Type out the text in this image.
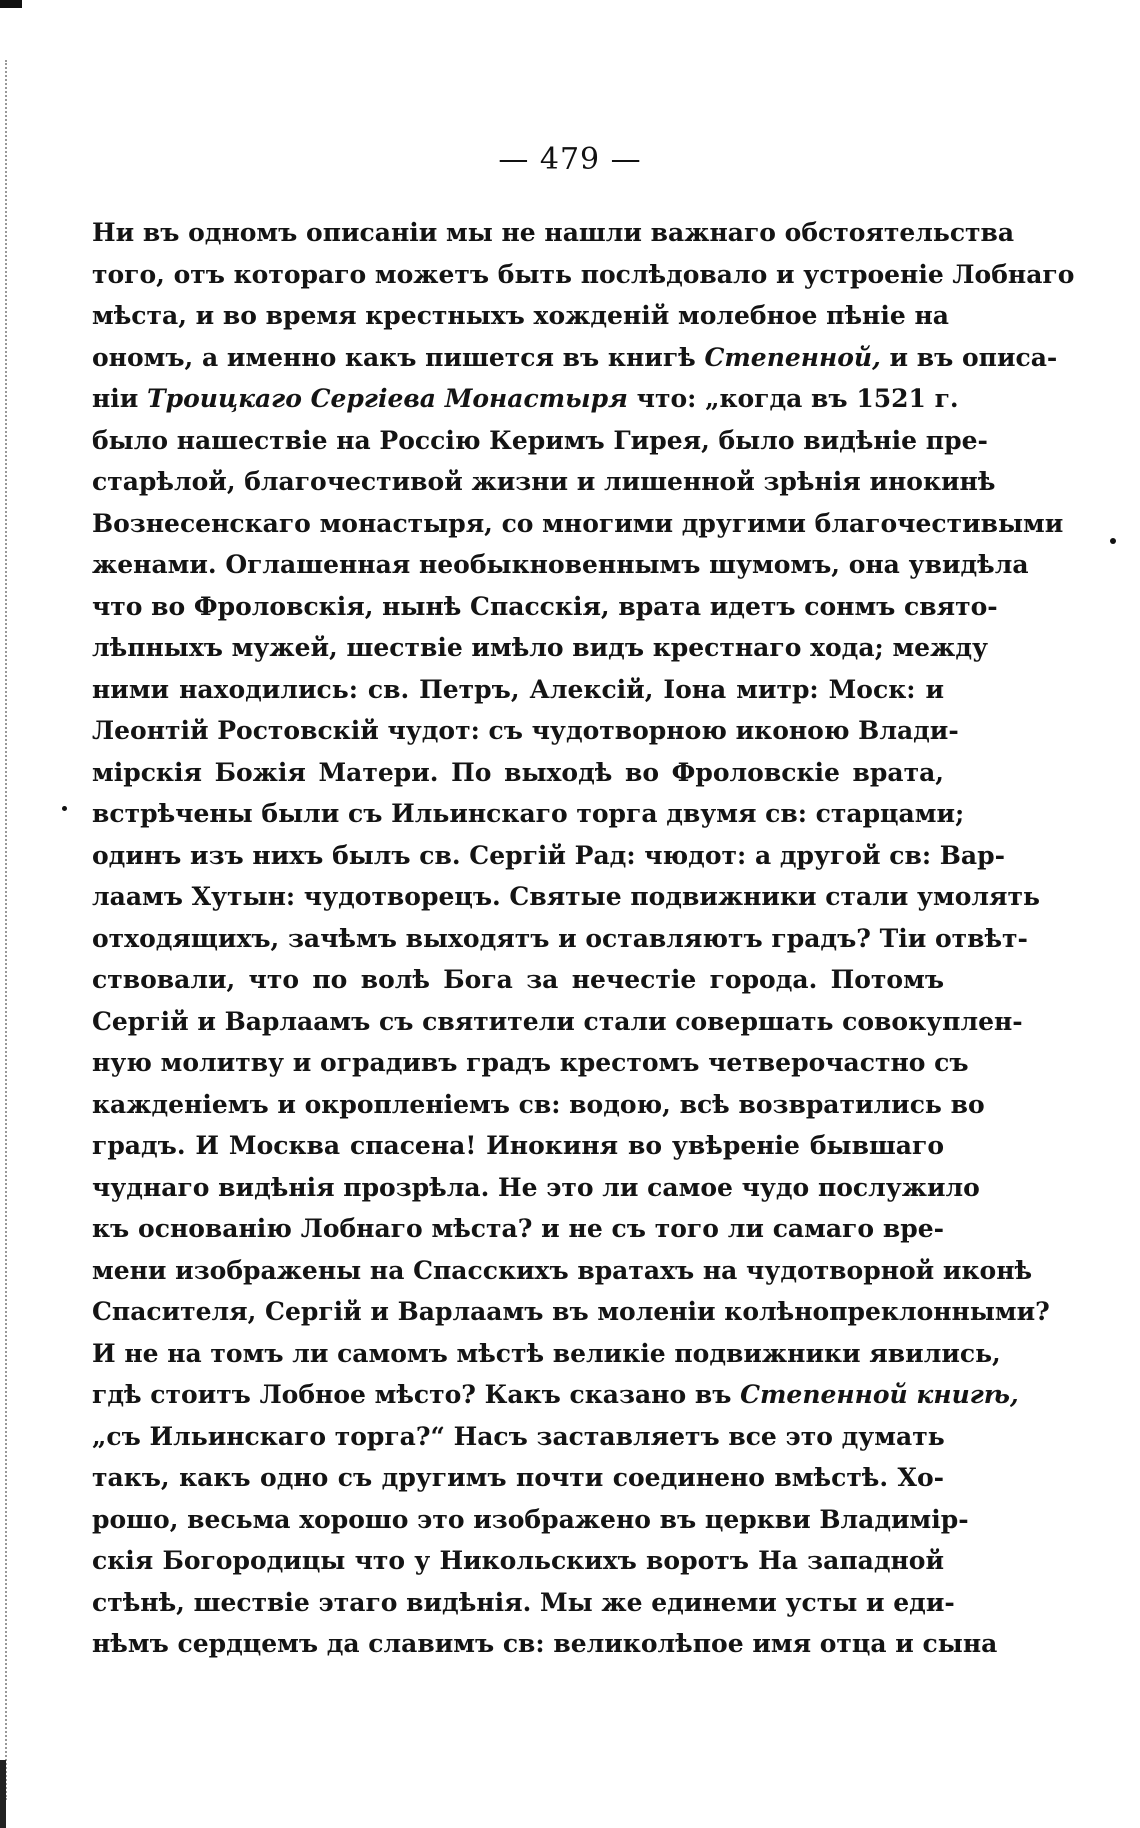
— 479 —
Ни въ одномъ описаніи мы не нашли важнаго обстоятельства
того, отъ котораго можетъ быть послѣдовало и устроеніе Лобнаго
мѣста, и во время крестныхъ хожденій молебное пѣніе на
ономъ, а именно какъ пишется въ книгѣ Степенной, и въ описа-
ніи Троицкаго Сергіева Монастыря что: „когда въ 1521 г.
было нашествіе на Россію Керимъ Гирея, было видѣніе пре-
старѣлой, благочестивой жизни и лишенной зрѣнія инокинѣ
Вознесенскаго монастыря, со многими другими благочестивыми
женами. Оглашенная необыкновеннымъ шумомъ, она увидѣла
что во Фроловскія, нынѣ Спасскія, врата идетъ сонмъ свято-
лѣпныхъ мужей, шествіе имѣло видъ крестнаго хода; между
ними находились: св. Петръ, Алексій, Іона митр: Моск: и
Леонтій Ростовскій чудот: съ чудотворною иконою Влади-
мірскія Божія Матери. По выходѣ во Фроловскіе врата,
встрѣчены были съ Ильинскаго торга двумя св: старцами;
одинъ изъ нихъ былъ св. Сергій Рад: чюдот: а другой св: Вар-
лаамъ Хутын: чудотворецъ. Святые подвижники стали умолять
отходящихъ, зачѣмъ выходятъ и оставляютъ градъ? Тіи отвѣт-
ствовали, что по волѣ Бога за нечестіе города. Потомъ
Сергій и Варлаамъ съ святители стали совершать совокуплен-
ную молитву и оградивъ градъ крестомъ четверочастно съ
кажденіемъ и окропленіемъ св: водою, всѣ возвратились во
градъ. И Москва спасена! Инокиня во увѣреніе бывшаго
чуднаго видѣнія прозрѣла. Не это ли самое чудо послужило
къ основанію Лобнаго мѣста? и не съ того ли самаго вре-
мени изображены на Спасскихъ вратахъ на чудотворной иконѣ
Спасителя, Сергій и Варлаамъ въ моленіи колѣнопреклонными?
И не на томъ ли самомъ мѣстѣ великіе подвижники явились,
гдѣ стоитъ Лобное мѣсто? Какъ сказано въ Степенной книгѣ,
„съ Ильинскаго торга?“ Насъ заставляетъ все это думать
такъ, какъ одно съ другимъ почти соединено вмѣстѣ. Хо-
рошо, весьма хорошо это изображено въ церкви Владимір-
скія Богородицы что у Никольскихъ воротъ На западной
стѣнѣ, шествіе этаго видѣнія. Мы же единеми усты и еди-
нѣмъ сердцемъ да славимъ св: великолѣпое имя отца и сына
